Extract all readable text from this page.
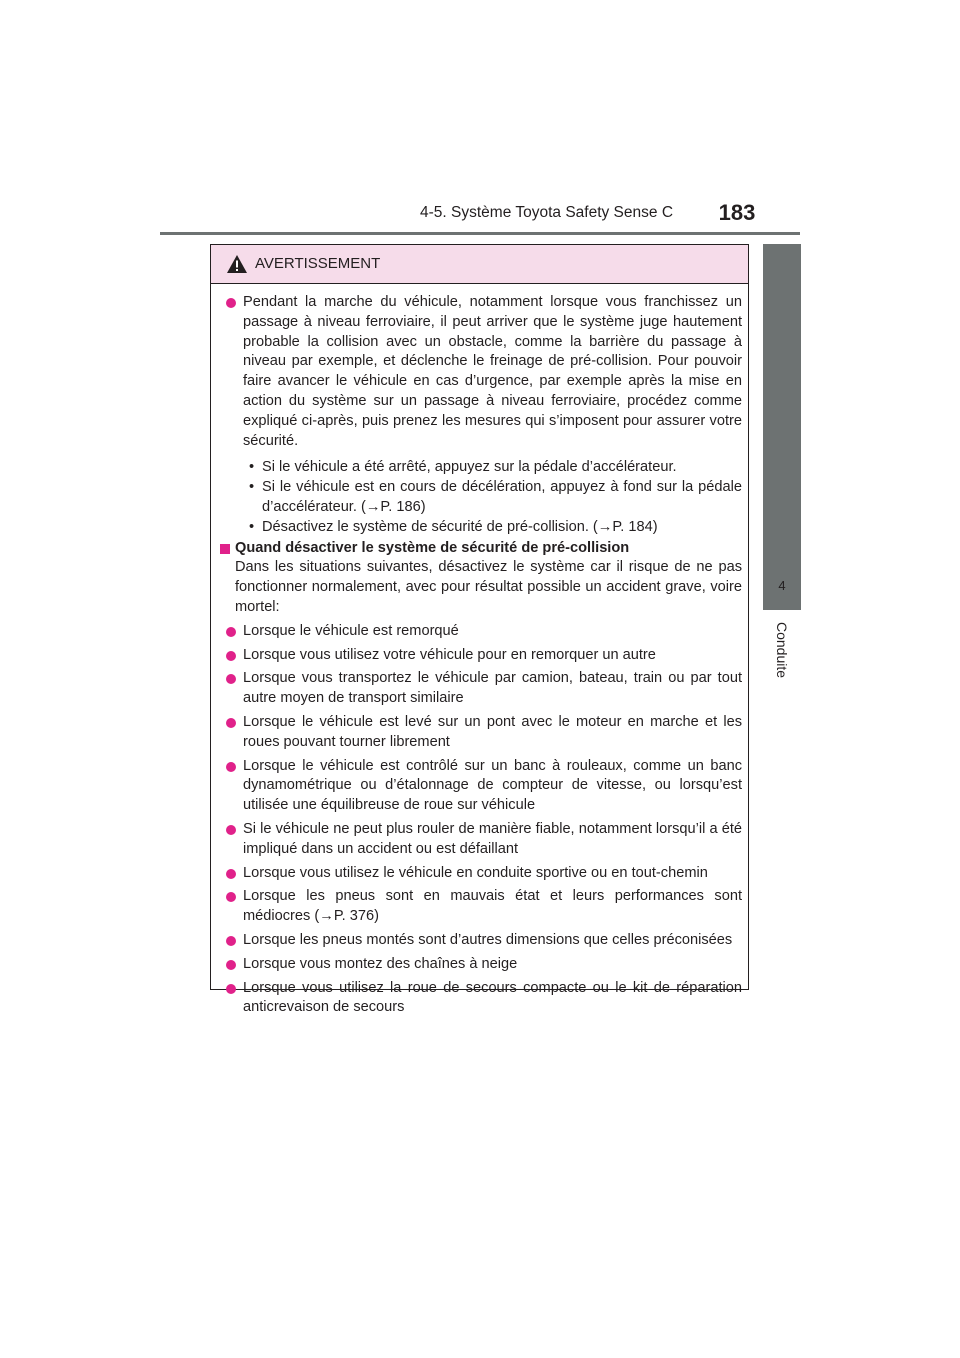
4-5. Système Toyota Safety Sense C	183
4
Conduite
AVERTISSEMENT
Pendant la marche du véhicule, notamment lorsque vous franchissez un passage à niveau ferroviaire, il peut arriver que le système juge hautement probable la collision avec un obstacle, comme la barrière du passage à niveau par exemple, et déclenche le freinage de pré-collision. Pour pouvoir faire avancer le véhicule en cas d’urgence, par exemple après la mise en action du système sur un passage à niveau ferroviaire, procédez comme expliqué ci-après, puis prenez les mesures qui s’imposent pour assurer votre sécurité.
• Si le véhicule a été arrêté, appuyez sur la pédale d’accélérateur.
• Si le véhicule est en cours de décélération, appuyez à fond sur la pédale d’accélérateur. (→P. 186)
• Désactivez le système de sécurité de pré-collision. (→P. 184)
Quand désactiver le système de sécurité de pré-collision
Dans les situations suivantes, désactivez le système car il risque de ne pas fonctionner normalement, avec pour résultat possible un accident grave, voire mortel:
Lorsque le véhicule est remorqué
Lorsque vous utilisez votre véhicule pour en remorquer un autre
Lorsque vous transportez le véhicule par camion, bateau, train ou par tout autre moyen de transport similaire
Lorsque le véhicule est levé sur un pont avec le moteur en marche et les roues pouvant tourner librement
Lorsque le véhicule est contrôlé sur un banc à rouleaux, comme un banc dynamométrique ou d’étalonnage de compteur de vitesse, ou lorsqu’est utilisée une équilibreuse de roue sur véhicule
Si le véhicule ne peut plus rouler de manière fiable, notamment lorsqu’il a été impliqué dans un accident ou est défaillant
Lorsque vous utilisez le véhicule en conduite sportive ou en tout-chemin
Lorsque les pneus sont en mauvais état et leurs performances sont médiocres (→P. 376)
Lorsque les pneus montés sont d’autres dimensions que celles préconisées
Lorsque vous montez des chaînes à neige
Lorsque vous utilisez la roue de secours compacte ou le kit de réparation anticrevaison de secours
